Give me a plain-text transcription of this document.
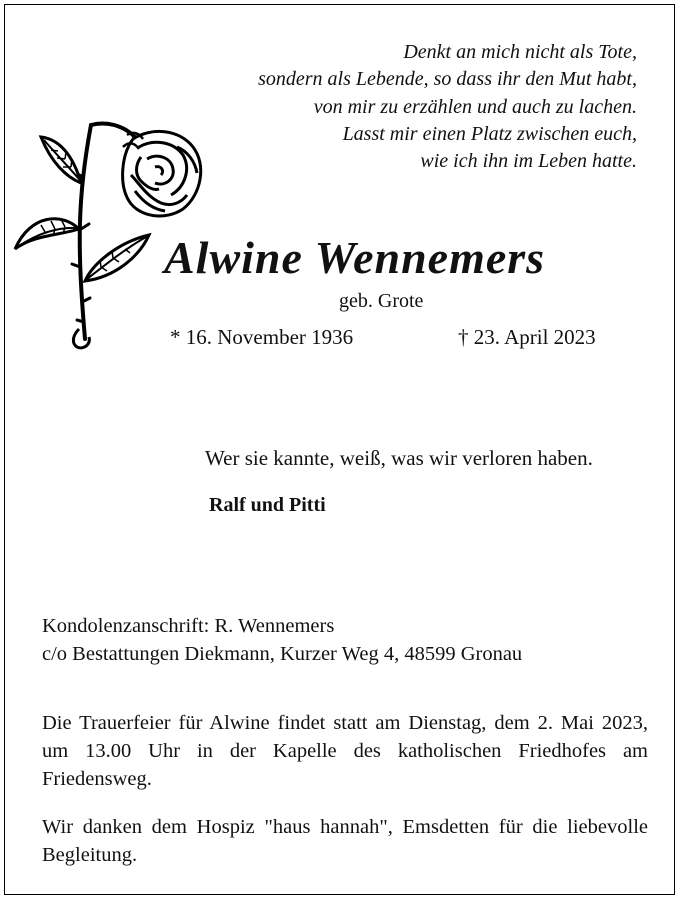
Denkt an mich nicht als Tote,
sondern als Lebende, so dass ihr den Mut habt,
von mir zu erzählen und auch zu lachen.
Lasst mir einen Platz zwischen euch,
wie ich ihn im Leben hatte.
Alwine Wennemers
geb. Grote
* 16. November 1936	† 23. April 2023
Wer sie kannte, weiß, was wir verloren haben.
Ralf und Pitti
Kondolenzanschrift: R. Wennemers
c/o Bestattungen Diekmann, Kurzer Weg 4, 48599 Gronau
Die Trauerfeier für Alwine findet statt am Dienstag, dem 2. Mai 2023, um 13.00 Uhr in der Kapelle des katholischen Friedhofes am Friedensweg.
Wir danken dem Hospiz "haus hannah", Emsdetten für die liebevolle Begleitung.
